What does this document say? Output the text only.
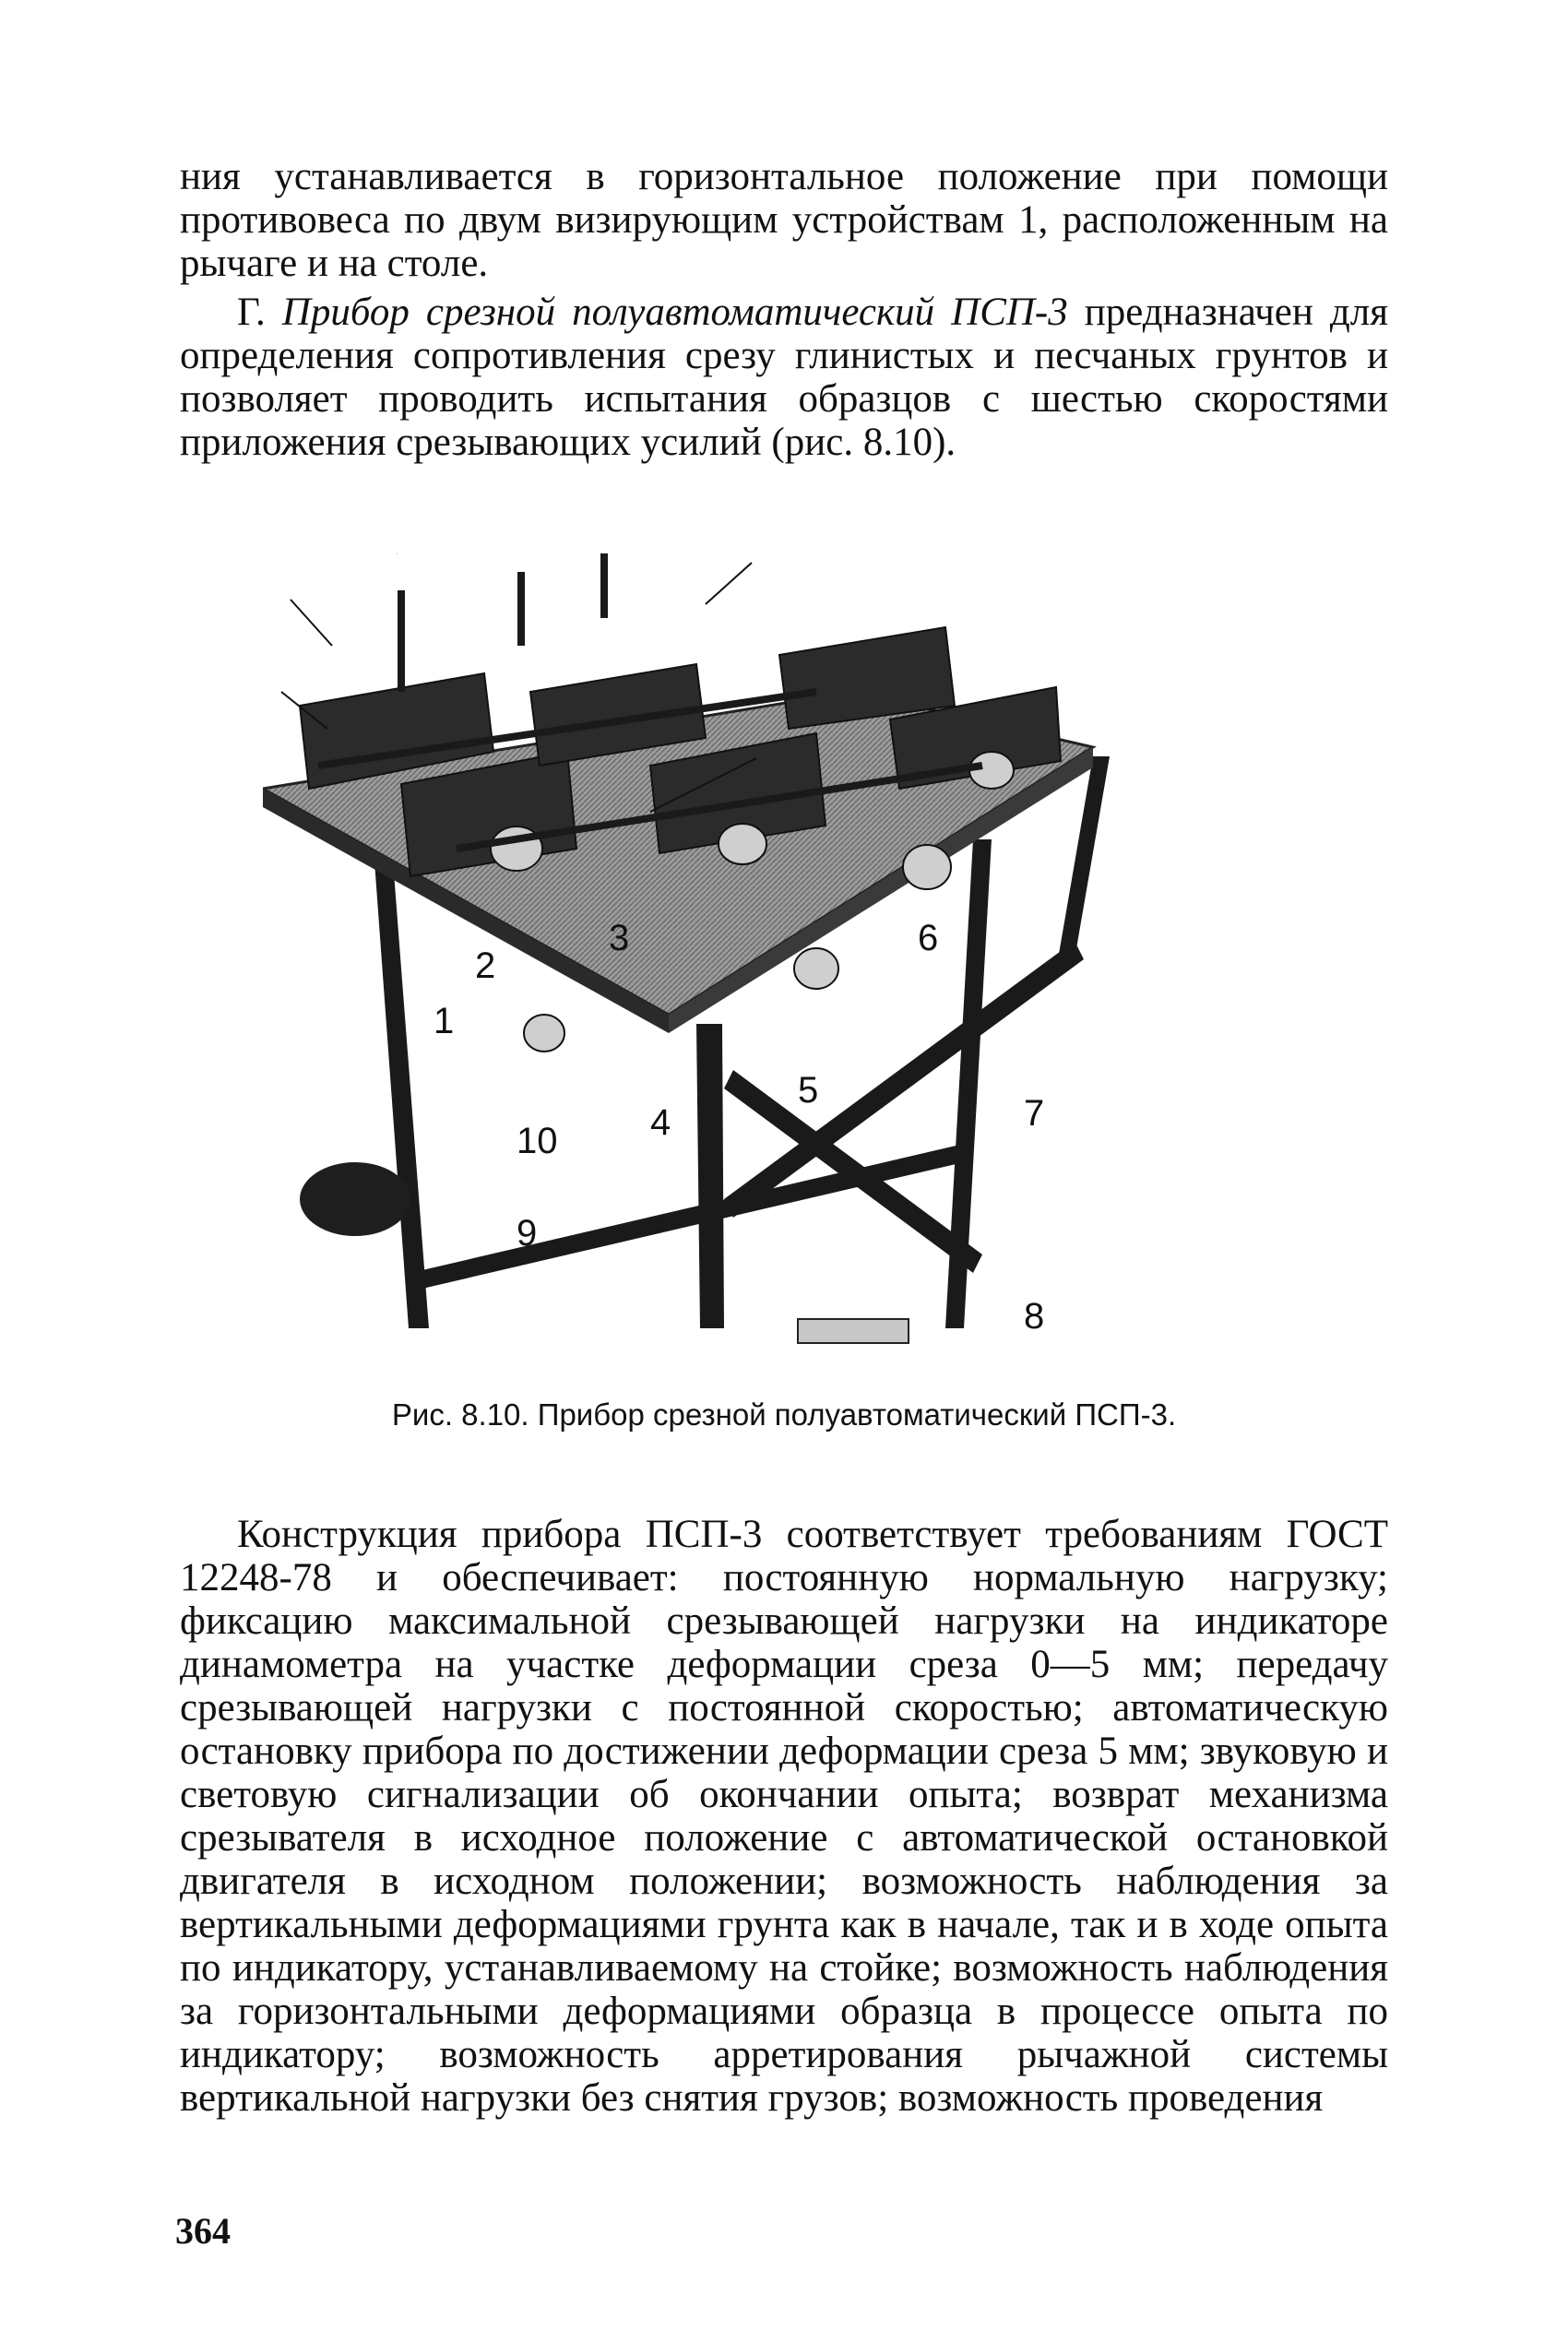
ния устанавливается в горизонтальное положение при помощи противовеса по двум визирующим устройствам 1, расположенным на рычаге и на столе.

Г. Прибор срезной полуавтоматический ПСП-3 предназначен для определения сопротивления срезу глинистых и песчаных грунтов и позволяет проводить испытания образцов с шестью скоростями приложения срезывающих усилий (рис. 8.10).

1
2
3
4
5
6
7
8
9
10
Рис. 8.10. Прибор срезной полуавтоматический ПСП-3.

Конструкция прибора ПСП-3 соответствует требованиям ГОСТ 12248-78 и обеспечивает: постоянную нормальную нагрузку; фиксацию максимальной срезывающей нагрузки на индикаторе динамометра на участке деформации среза 0—5 мм; передачу срезывающей нагрузки с постоянной скоростью; автоматическую остановку прибора по достижении деформации среза 5 мм; звуковую и световую сигнализации об окончании опыта; возврат механизма срезывателя в исходное положение с автоматической остановкой двигателя в исходном положении; возможность наблюдения за вертикальными деформациями грунта как в начале, так и в ходе опыта по индикатору, устанавливаемому на стойке; возможность наблюдения за горизонтальными деформациями образца в процессе опыта по индикатору; возможность арретирования рычажной системы вертикальной нагрузки без снятия грузов; возможность проведения

364
